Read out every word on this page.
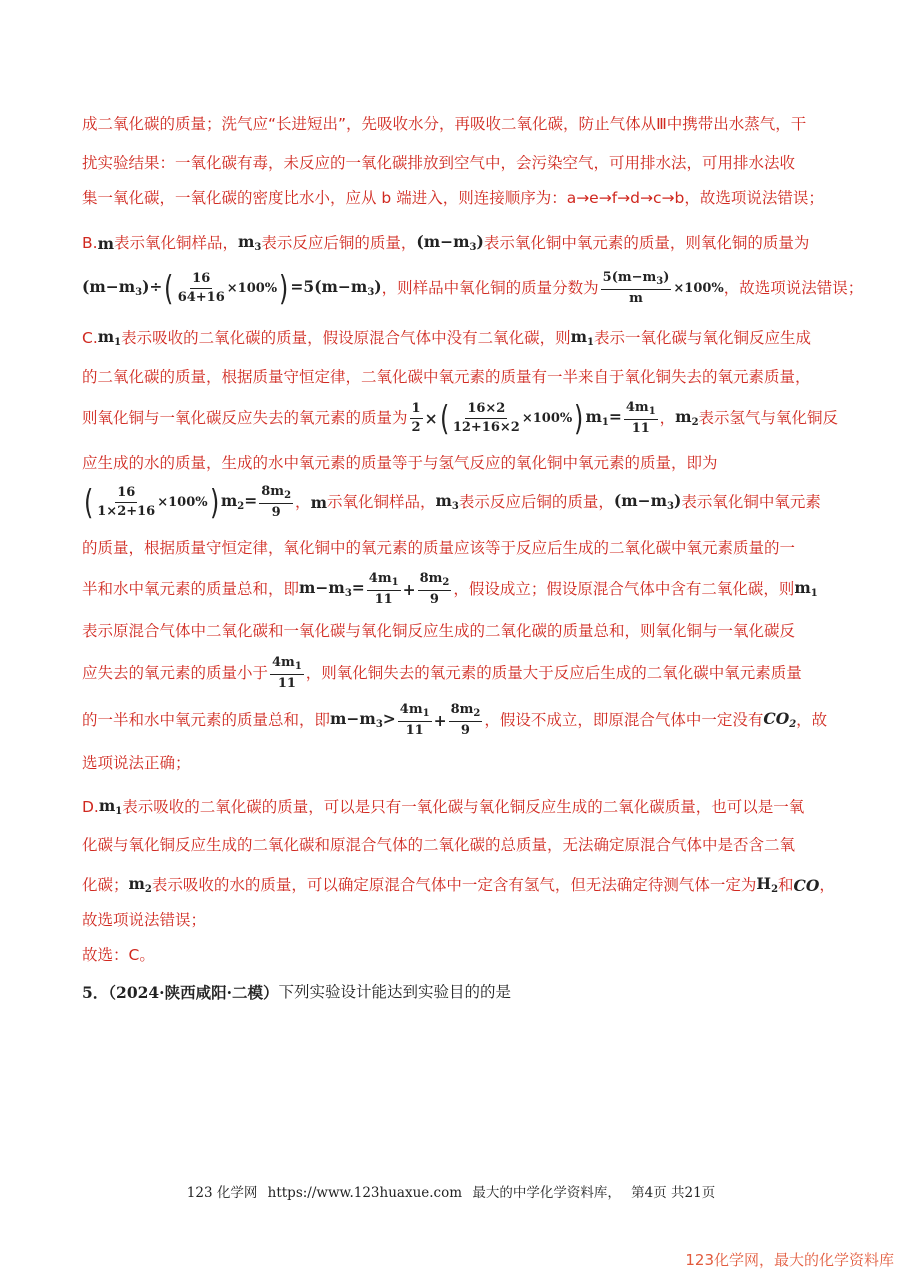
成二氧化碳的质量；洗气应“长进短出”，先吸收水分，再吸收二氧化碳，防止气体从Ⅲ中携带出水蒸气，干
扰实验结果：一氧化碳有毒，未反应的一氧化碳排放到空气中，会污染空气，可用排水法，可用排水法收
集一氧化碳，一氧化碳的密度比水小，应从 b 端进入，则连接顺序为：a→e→f→d→c→b，故选项说法错误；
B. m 表示氧化铜样品， $m_3$ 表示反应后铜的质量， $(m-m_3)$ 表示氧化铜中氧元素的质量，则氧化铜的质量为
$(m-m_3)\div$ ( $\frac{16}{64+16} \times 100\%$ ) $=5(m-m_3)$ ，则样品中氧化铜的质量分数为 $\frac{5(m-m_3)}{m} \times 100\%$ ，故选项说法错误；
C. $m_1$ 表示吸收的二氧化碳的质量，假设原混合气体中没有二氧化碳，则 $m_1$ 表示一氧化碳与氧化铜反应生成
的二氧化碳的质量，根据质量守恒定律，二氧化碳中氧元素的质量有一半来自于氧化铜失去的氧元素质量，
则氧化铜与一氧化碳反应失去的氧元素的质量为 $\frac{1}{2}$ × ( $\frac{16\times 2}{12+16\times 2} \times 100\%$ ) $m_1= \frac{4m_1}{11}$ ， $m_2$ 表示氢气与氧化铜反
应生成的水的质量，生成的水中氧元素的质量等于与氢气反应的氧化铜中氧元素的质量，即为
( $\frac{16}{1\times 2+16} \times 100\%$ ) $m_2= \frac{8m_2}{9}$ ， m 示氧化铜样品， $m_3$ 表示反应后铜的质量， $(m-m_3)$ 表示氧化铜中氧元素
的质量，根据质量守恒定律，氧化铜中的氧元素的质量应该等于反应后生成的二氧化碳中氧元素质量的一
半和水中氧元素的质量总和，即 $m-m_3= \frac{4m_1}{11} + \frac{8m_2}{9}$ ，假设成立；假设原混合气体中含有二氧化碳，则 $m_1$
表示原混合气体中二氧化碳和一氧化碳与氧化铜反应生成的二氧化碳的质量总和，则氧化铜与一氧化碳反
应失去的氧元素的质量小于 $\frac{4m_1}{11}$ ，则氧化铜失去的氧元素的质量大于反应后生成的二氧化碳中氧元素质量
的一半和水中氧元素的质量总和，即 $m-m_3> \frac{4m_1}{11} + \frac{8m_2}{9}$ ，假设不成立，即原混合气体中一定没有 $CO_2$ ，故
选项说法正确；
D. $m_1$ 表示吸收的二氧化碳的质量，可以是只有一氧化碳与氧化铜反应生成的二氧化碳质量，也可以是一氧
化碳与氧化铜反应生成的二氧化碳和原混合气体的二氧化碳的总质量，无法确定原混合气体中是否含二氧
化碳； $m_2$ 表示吸收的水的质量，可以确定原混合气体中一定含有氢气，但无法确定待测气体一定为 $H_2$ 和 CO ，
故选项说法错误；
故选：C。
5．（2024·陕西咸阳·二模） 下列实验设计能达到实验目的的是
123 化学网 https://www.123huaxue.com 最大的中学化学资料库， 第4页 共21页
123化学网，最大的化学资料库
